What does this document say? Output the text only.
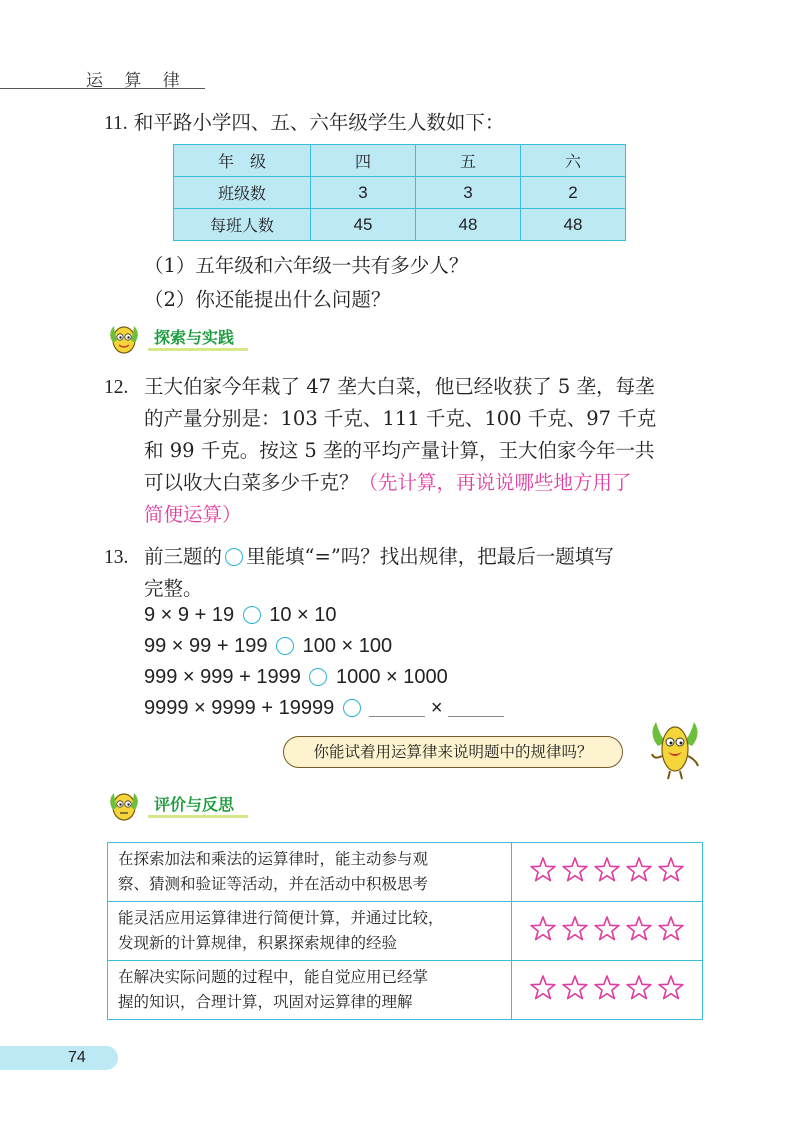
运 算 律
11. 和平路小学四、五、六年级学生人数如下：
年　级	四	五	六
班级数	3	3	2
每班人数	45	48	48
（1）五年级和六年级一共有多少人？
（2）你还能提出什么问题？
探索与实践
12. 王大伯家今年栽了 47 垄大白菜，他已经收获了 5 垄，每垄
的产量分别是：103 千克、111 千克、100 千克、97 千克
和 99 千克。按这 5 垄的平均产量计算，王大伯家今年一共
可以收大白菜多少千克？（先计算，再说说哪些地方用了
简便运算）
13. 前三题的 里能填“=”吗？找出规律，把最后一题填写
完整。
9 × 9 + 19 10 × 10
99 × 99 + 199 100 × 100
999 × 999 + 1999 1000 × 1000
9999 × 9999 + 19999	×
你能试着用运算律来说明题中的规律吗？
评价与反思
在探索加法和乘法的运算律时，能主动参与观
察、猜测和验证等活动，并在活动中积极思考

能灵活应用运算律进行简便计算，并通过比较，
发现新的计算规律，积累探索规律的经验

在解决实际问题的过程中，能自觉应用已经掌
握的知识，合理计算，巩固对运算律的理解

74
